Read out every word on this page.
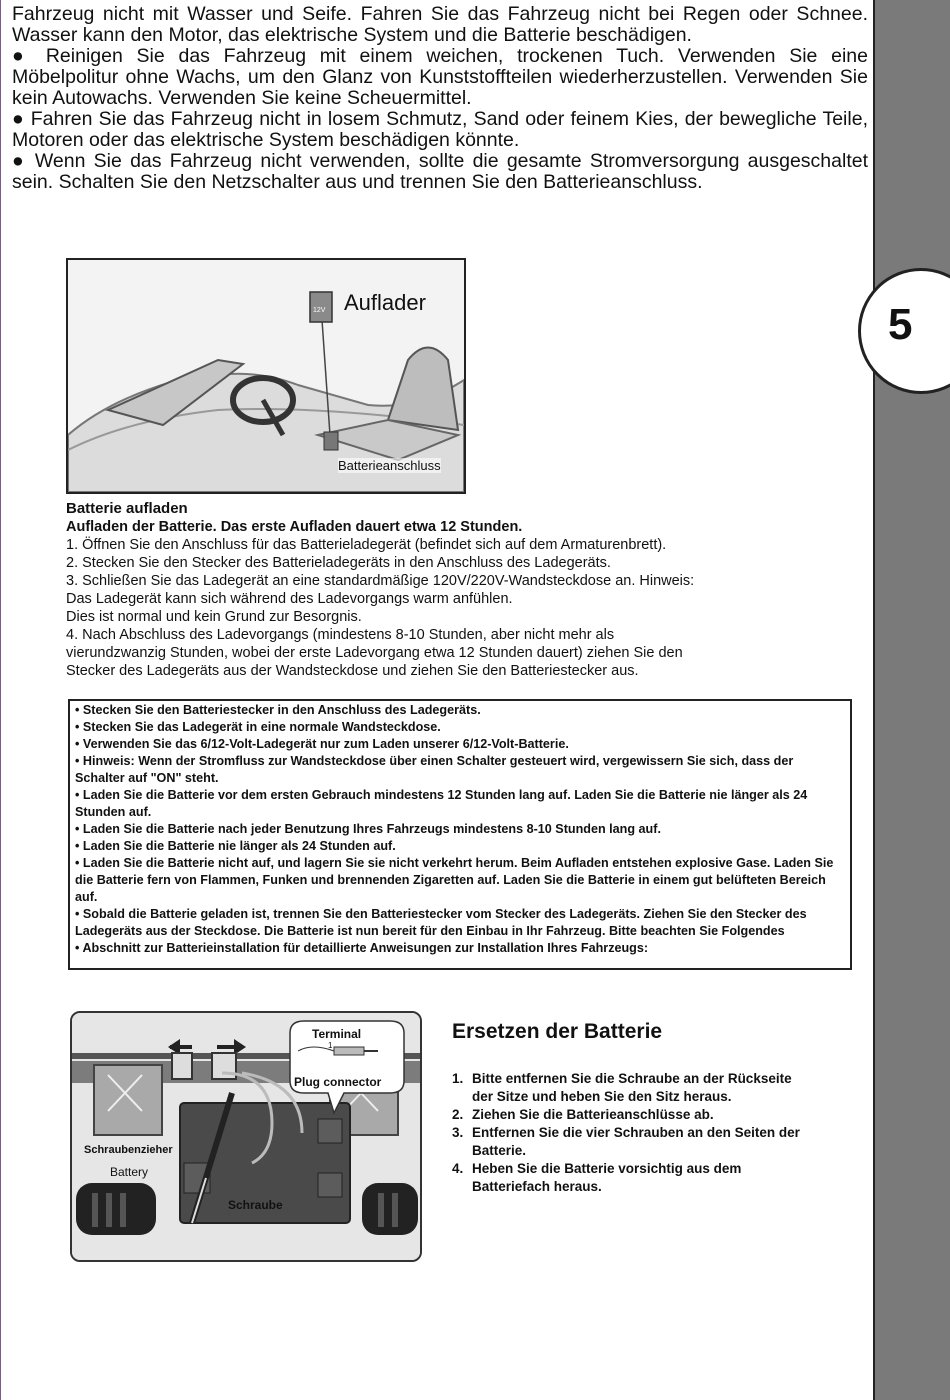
5

Fahrzeug nicht mit Wasser und Seife. Fahren Sie das Fahrzeug nicht bei Regen oder Schnee. Wasser kann den Motor, das elektrische System und die Batterie beschädigen.

● Reinigen Sie das Fahrzeug mit einem weichen, trockenen Tuch. Verwenden Sie eine Möbelpolitur ohne Wachs, um den Glanz von Kunststoffteilen wiederherzustellen. Verwenden Sie kein Autowachs. Verwenden Sie keine Scheuermittel.

● Fahren Sie das Fahrzeug nicht in losem Schmutz, Sand oder feinem Kies, der bewegliche Teile, Motoren oder das elektrische System beschädigen könnte.

● Wenn Sie das Fahrzeug nicht verwenden, sollte die gesamte Stromversorgung ausgeschaltet sein. Schalten Sie den Netzschalter aus und trennen Sie den Batterieanschluss.

12V Auflader
Batterieanschluss
Batterie aufladen

Aufladen der Batterie. Das erste Aufladen dauert etwa 12 Stunden.

1. Öffnen Sie den Anschluss für das Batterieladegerät (befindet sich auf dem Armaturenbrett).

2. Stecken Sie den Stecker des Batterieladegeräts in den Anschluss des Ladegeräts.

3. Schließen Sie das Ladegerät an eine standardmäßige 120V/220V-Wandsteckdose an. Hinweis:

Das Ladegerät kann sich während des Ladevorgangs warm anfühlen.

Dies ist normal und kein Grund zur Besorgnis.

4. Nach Abschluss des Ladevorgangs (mindestens 8-10 Stunden, aber nicht mehr als

vierundzwanzig Stunden, wobei der erste Ladevorgang etwa 12 Stunden dauert) ziehen Sie den

Stecker des Ladegeräts aus der Wandsteckdose und ziehen Sie den Batteriestecker aus.

• Stecken Sie den Batteriestecker in den Anschluss des Ladegeräts.
• Stecken Sie das Ladegerät in eine normale Wandsteckdose.
• Verwenden Sie das 6/12-Volt-Ladegerät nur zum Laden unserer 6/12-Volt-Batterie.
• Hinweis: Wenn der Stromfluss zur Wandsteckdose über einen Schalter gesteuert wird, vergewissern Sie sich, dass der Schalter auf "ON" steht.
• Laden Sie die Batterie vor dem ersten Gebrauch mindestens 12 Stunden lang auf. Laden Sie die Batterie nie länger als 24 Stunden auf.
• Laden Sie die Batterie nach jeder Benutzung Ihres Fahrzeugs mindestens 8-10 Stunden lang auf.
• Laden Sie die Batterie nie länger als 24 Stunden auf.
• Laden Sie die Batterie nicht auf, und lagern Sie sie nicht verkehrt herum. Beim Aufladen entstehen explosive Gase. Laden Sie die Batterie fern von Flammen, Funken und brennenden Zigaretten auf. Laden Sie die Batterie in einem gut belüfteten Bereich auf.
• Sobald die Batterie geladen ist, trennen Sie den Batteriestecker vom Stecker des Ladegeräts. Ziehen Sie den Stecker des Ladegeräts aus der Steckdose. Die Batterie ist nun bereit für den Einbau in Ihr Fahrzeug. Bitte beachten Sie Folgendes
• Abschnitt zur Batterieinstallation für detaillierte Anweisungen zur Installation Ihres Fahrzeugs:
Terminal
1
Plug connector
Schraubenzieher
Battery
Schraube
Ersetzen der Batterie
1. Bitte entfernen Sie die Schraube an der Rückseite der Sitze und heben Sie den Sitz heraus.
2. Ziehen Sie die Batterieanschlüsse ab.
3. Entfernen Sie die vier Schrauben an den Seiten der Batterie.
4. Heben Sie die Batterie vorsichtig aus dem Batteriefach heraus.
